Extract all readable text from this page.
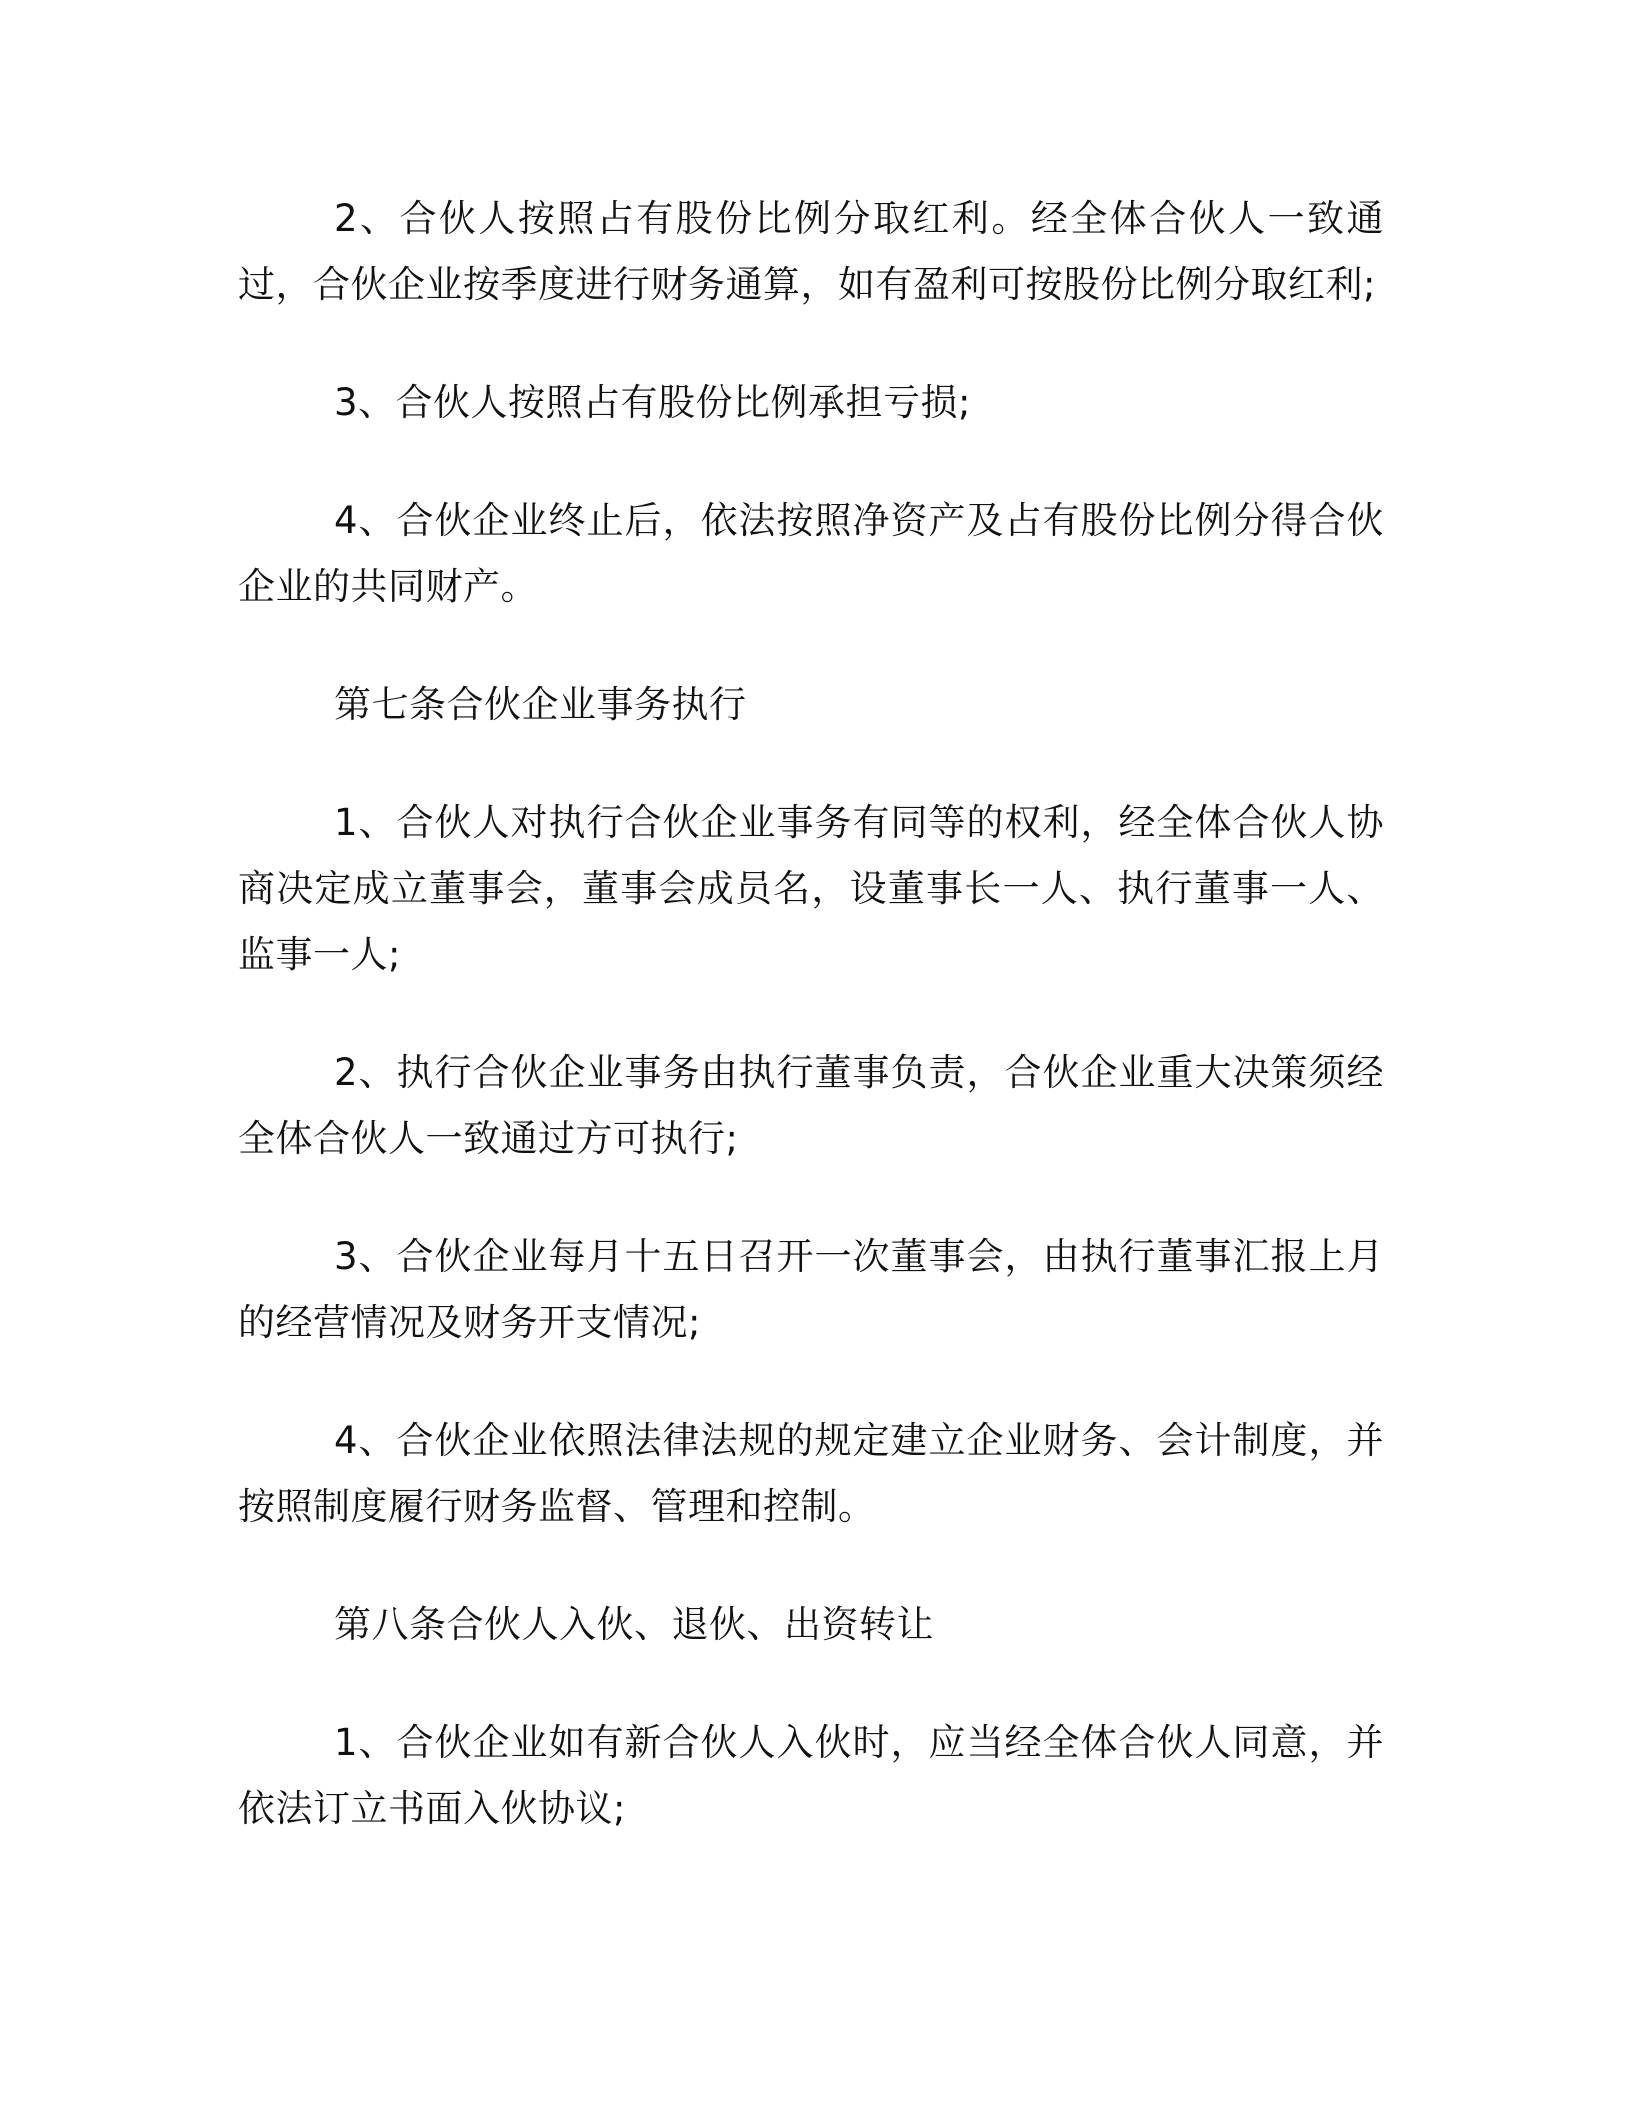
2、合伙人按照占有股份比例分取红利。经全体合伙人一致通过，合伙企业按季度进行财务通算，如有盈利可按股份比例分取红利;

3、合伙人按照占有股份比例承担亏损;

4、合伙企业终止后，依法按照净资产及占有股份比例分得合伙企业的共同财产。

第七条合伙企业事务执行

1、合伙人对执行合伙企业事务有同等的权利，经全体合伙人协商决定成立董事会，董事会成员名，设董事长一人、执行董事一人、监事一人;

2、执行合伙企业事务由执行董事负责，合伙企业重大决策须经全体合伙人一致通过方可执行;

3、合伙企业每月十五日召开一次董事会，由执行董事汇报上月的经营情况及财务开支情况;

4、合伙企业依照法律法规的规定建立企业财务、会计制度，并按照制度履行财务监督、管理和控制。

第八条合伙人入伙、退伙、出资转让

1、合伙企业如有新合伙人入伙时，应当经全体合伙人同意，并依法订立书面入伙协议;
